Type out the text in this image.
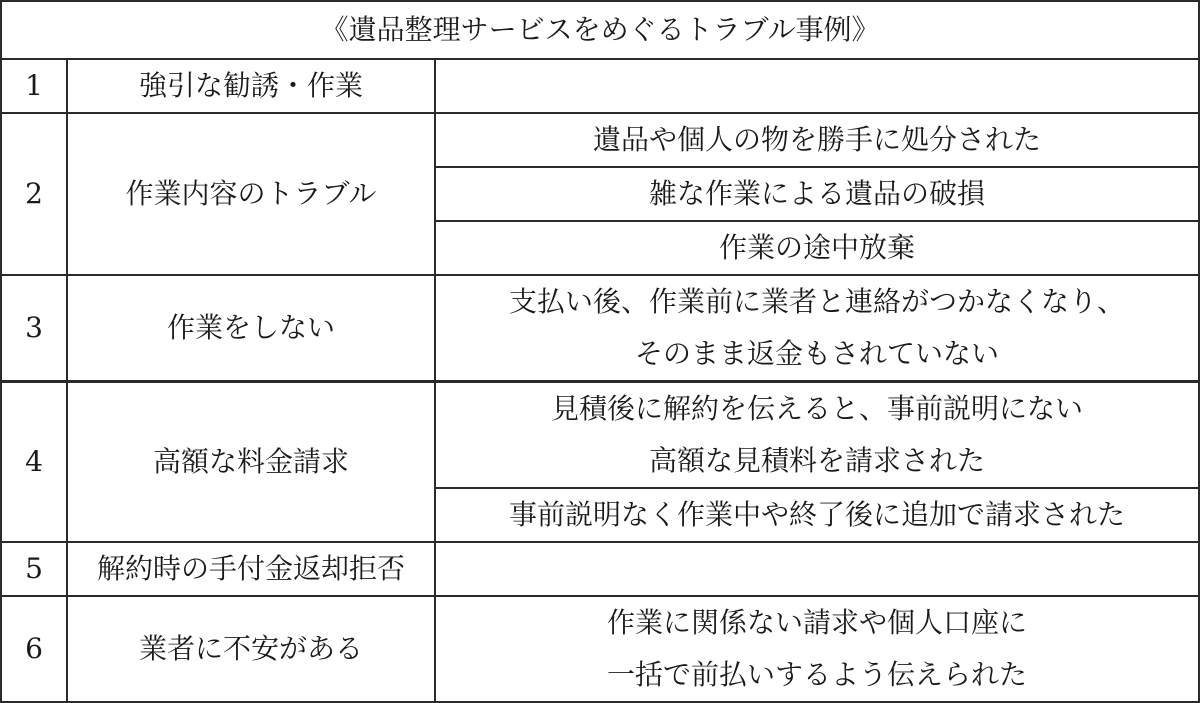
《遺品整理サービスをめぐるトラブル事例》		
1	強引な勧誘・作業	
2	作業内容のトラブル	遺品や個人の物を勝手に処分された

		雑な作業による遺品の破損

		作業の途中放棄

3	作業をしない	支払い後、作業前に業者と連絡がつかなくなり、
そのまま返金もされていない

4	高額な料金請求	見積後に解約を伝えると、事前説明にない
高額な見積料を請求された

		事前説明なく作業中や終了後に追加で請求された

5	解約時の手付金返却拒否	
6	業者に不安がある	作業に関係ない請求や個人口座に
一括で前払いするよう伝えられた
